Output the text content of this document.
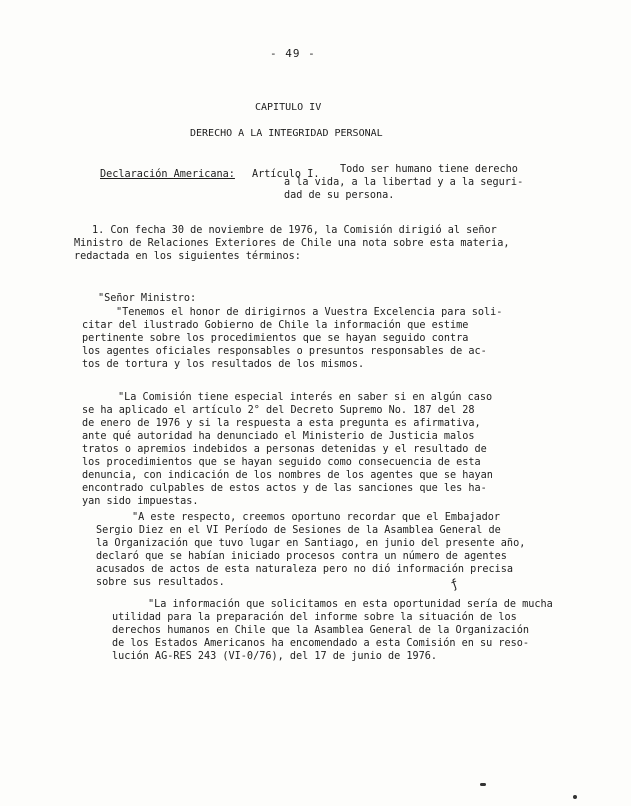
- 49 -
CAPITULO IV
DERECHO A LA INTEGRIDAD PERSONAL
Declaración Americana: Artículo I. Todo ser humano tiene derecho
a la vida, a la libertad y a la seguri-
dad de su persona.
1. Con fecha 30 de noviembre de 1976, la Comisión dirigió al señor
Ministro de Relaciones Exteriores de Chile una nota sobre esta materia,
redactada en los siguientes términos:
"Señor Ministro:
"Tenemos el honor de dirigirnos a Vuestra Excelencia para soli-
citar del ilustrado Gobierno de Chile la información que estime
pertinente sobre los procedimientos que se hayan seguido contra
los agentes oficiales responsables o presuntos responsables de ac-
tos de tortura y los resultados de los mismos.
"La Comisión tiene especial interés en saber si en algún caso
se ha aplicado el artículo 2° del Decreto Supremo No. 187 del 28
de enero de 1976 y si la respuesta a esta pregunta es afirmativa,
ante qué autoridad ha denunciado el Ministerio de Justicia malos
tratos o apremios indebidos a personas detenidas y el resultado de
los procedimientos que se hayan seguido como consecuencia de esta
denuncia, con indicación de los nombres de los agentes que se hayan
encontrado culpables de estos actos y de las sanciones que les ha-
yan sido impuestas.
"A este respecto, creemos oportuno recordar que el Embajador
Sergio Diez en el VI Período de Sesiones de la Asamblea General de
la Organización que tuvo lugar en Santiago, en junio del presente año,
declaró que se habían iniciado procesos contra un número de agentes
acusados de actos de esta naturaleza pero no dió información precisa
sobre sus resultados.	ƒ
"La información que solicitamos en esta oportunidad sería de mucha
utilidad para la preparación del informe sobre la situación de los
derechos humanos en Chile que la Asamblea General de la Organización
de los Estados Americanos ha encomendado a esta Comisión en su reso-
lución AG-RES 243 (VI-0/76), del 17 de junio de 1976.
